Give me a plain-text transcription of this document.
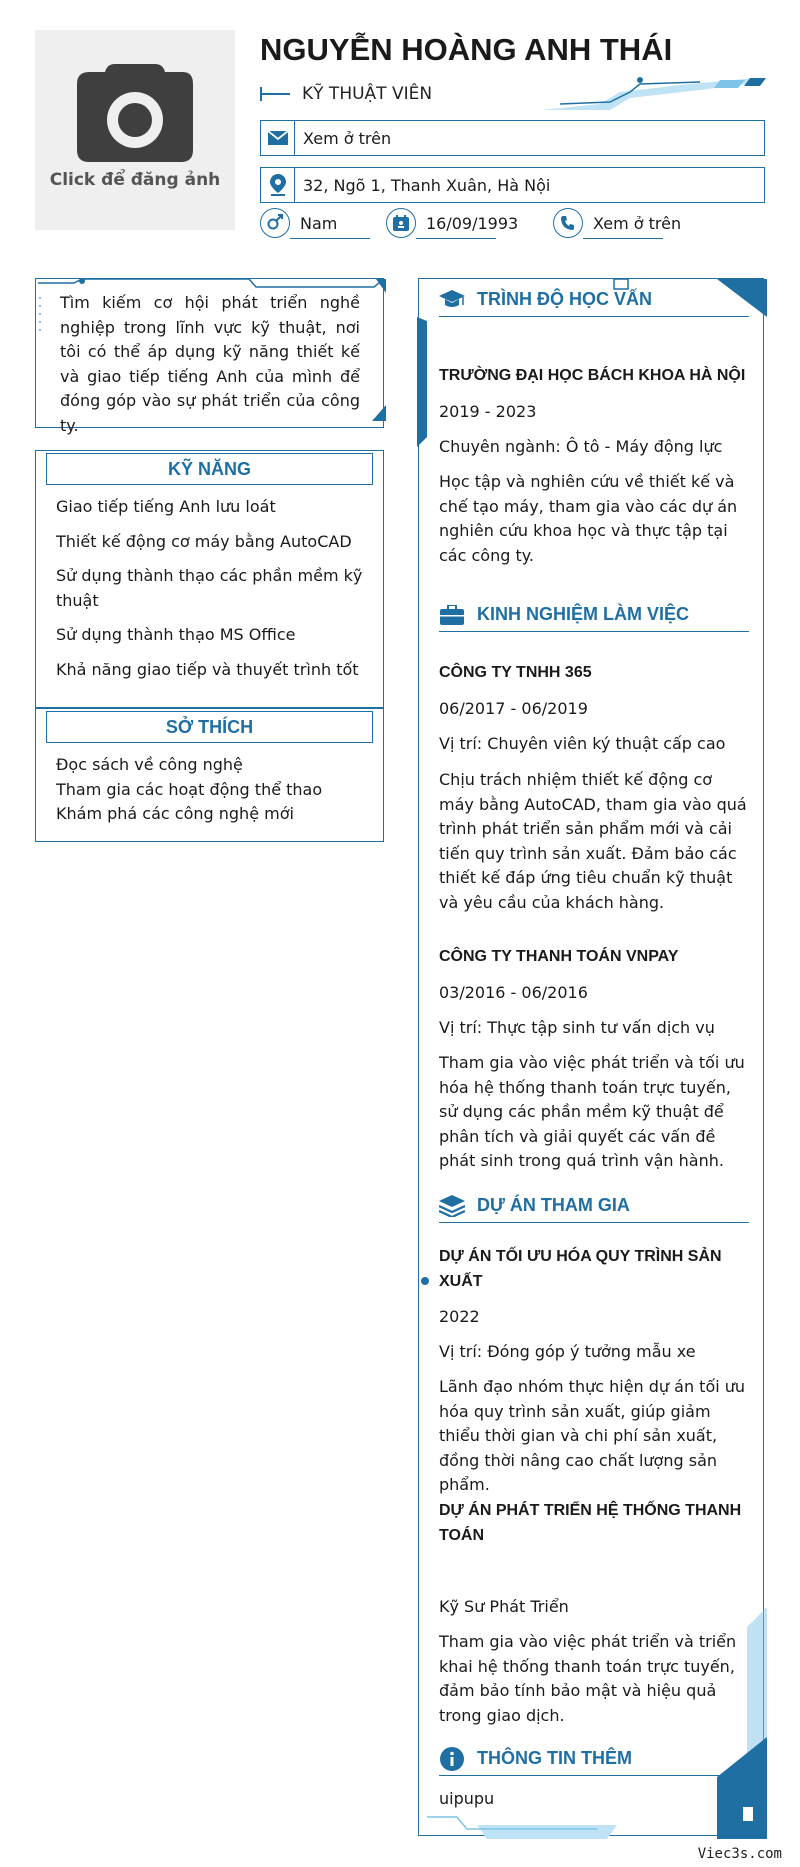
Click để đăng ảnh
NGUYỄN HOÀNG ANH THÁI
KỸ THUẬT VIÊN
Xem ở trên
32, Ngõ 1, Thanh Xuân, Hà Nội
Nam	16/09/1993	Xem ở trên
Tìm kiếm cơ hội phát triển nghề nghiệp trong lĩnh vực kỹ thuật, nơi tôi có thể áp dụng kỹ năng thiết kế và giao tiếp tiếng Anh của mình để đóng góp vào sự phát triển của công ty.
KỸ NĂNG
Giao tiếp tiếng Anh lưu loát
Thiết kế động cơ máy bằng AutoCAD
Sử dụng thành thạo các phần mềm kỹ thuật
Sử dụng thành thạo MS Office
Khả năng giao tiếp và thuyết trình tốt
SỞ THÍCH
Đọc sách về công nghệ
Tham gia các hoạt động thể thao
Khám phá các công nghệ mới
TRÌNH ĐỘ HỌC VẤN
TRƯỜNG ĐẠI HỌC BÁCH KHOA HÀ NỘI
2019 - 2023
Chuyên ngành: Ô tô - Máy động lực
Học tập và nghiên cứu về thiết kế và chế tạo máy, tham gia vào các dự án nghiên cứu khoa học và thực tập tại các công ty.
KINH NGHIỆM LÀM VIỆC
CÔNG TY TNHH 365
06/2017 - 06/2019
Vị trí: Chuyên viên ký thuật cấp cao
Chịu trách nhiệm thiết kế động cơ máy bằng AutoCAD, tham gia vào quá trình phát triển sản phẩm mới và cải tiến quy trình sản xuất. Đảm bảo các thiết kế đáp ứng tiêu chuẩn kỹ thuật và yêu cầu của khách hàng.
CÔNG TY THANH TOÁN VNPAY
03/2016 - 06/2016
Vị trí: Thực tập sinh tư vấn dịch vụ
Tham gia vào việc phát triển và tối ưu hóa hệ thống thanh toán trực tuyến, sử dụng các phần mềm kỹ thuật để phân tích và giải quyết các vấn đề phát sinh trong quá trình vận hành.
DỰ ÁN THAM GIA
DỰ ÁN TỐI ƯU HÓA QUY TRÌNH SẢN XUẤT
2022
Vị trí: Đóng góp ý tưởng mẫu xe
Lãnh đạo nhóm thực hiện dự án tối ưu hóa quy trình sản xuất, giúp giảm thiểu thời gian và chi phí sản xuất, đồng thời nâng cao chất lượng sản phẩm.
DỰ ÁN PHÁT TRIỂN HỆ THỐNG THANH TOÁN
Kỹ Sư Phát Triển
Tham gia vào việc phát triển và triển khai hệ thống thanh toán trực tuyến, đảm bảo tính bảo mật và hiệu quả trong giao dịch.
THÔNG TIN THÊM
uipupu
Viec3s.com
